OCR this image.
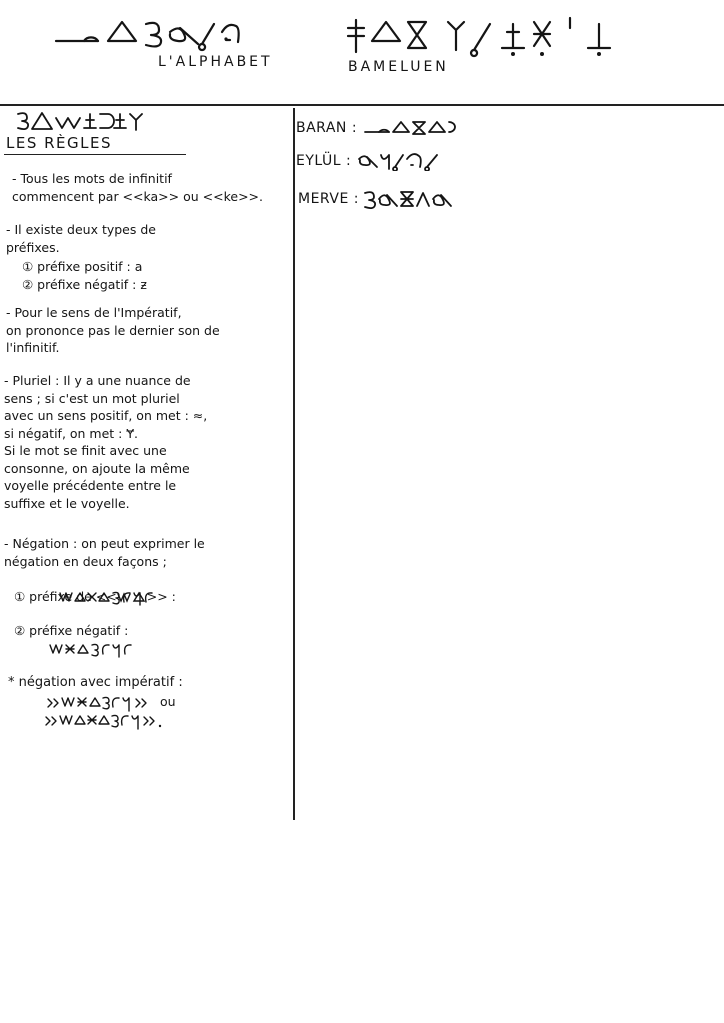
L'ALPHABET	BAMELUEN
LES RÈGLES
- Tous les mots de infinitif
commencent par <<ka>> ou <<ke>>.
- Il existe deux types de
préfixes.
① préfixe positif : a
② préfixe négatif : ƶ
- Pour le sens de l'Impératif,
on prononce pas le dernier son de
l'infinitif.
- Pluriel : Il y a une nuance de
sens ; si c'est un mot pluriel
avec un sens positif, on met : ≈,
si négatif, on met : Ɏ.
Si le mot se finit avec une
consonne, on ajoute la même
voyelle précédente entre le
suffixe et le voyelle.
- Négation : on peut exprimer le
négation en deux façons ;

① préfixe de << >> :

② préfixe négatif :
* négation avec impératif :
ou
BARAN :
EYLÜL :
MERVE :
